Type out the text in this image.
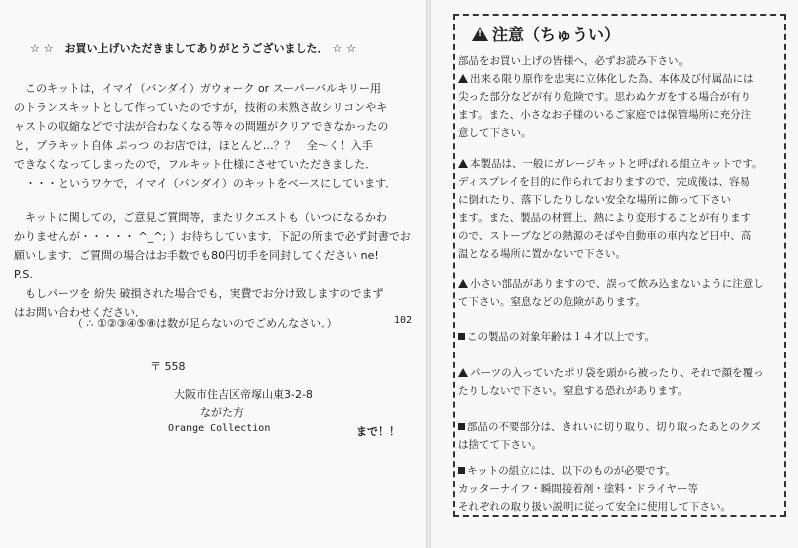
☆ ☆　お買い上げいただきましてありがとうございました． ☆ ☆
　このキットは，イマイ（バンダイ）ガウォーク or スーパーバルキリー用
のトランスキットとして作っていたのですが，技術の未熟さ故シリコンやキ
ャストの収縮などで寸法が合わなくなる等々の問題がクリアできなかったの
と，プラキット自体 ぷっつ のお店では，ほとんど…？？　全～く！入手
できなくなってしまったので，フルキット仕様にさせていただきました．
　・・・というワケで，イマイ（バンダイ）のキットをベースにしています．
　キットに関しての，ご意見ご質問等，またリクエストも（いつになるかわ
かりませんが・・・・・ ^_^; ）お待ちしています．下記の所まで必ず封書でお
願いします．ご質問の場合はお手数でも80円切手を同封してください ne!
P.S.
　もしパーツを 紛失 破損された場合でも，実費でお分け致しますのでまず
はお問い合わせください．
（ ∴ ①②③④⑤⑧は数が足らないのでごめんなさい．）	102
〒 558
大阪市住吉区帝塚山東3-2-8
ながた方
Orange Collection	まで！！
!注意（ちゅうい）
部品をお買い上げの皆様へ，必ずお読み下さい。
出来る限り原作を忠実に立体化した為、本体及び付属品には
尖った部分などが有り危険です。思わぬケガをする場合が有り
ます。また、小さなお子様のいるご家庭では保管場所に充分注
意して下さい。
本製品は、一般にガレージキットと呼ばれる組立キットです。
ディスプレイを目的に作られておりますので、完成後は、容易
に倒れたり、落下したりしない安全な場所に飾って下さい
ます。また、製品の材質上、熱により変形することが有ります
ので、ストーブなどの熱源のそばや自動車の車内など日中、高
温となる場所に置かないで下さい。
小さい部品がありますので、誤って飲み込まないように注意し
て下さい。窒息などの危険があります。
この製品の対象年齢は１４才以上です。
パーツの入っていたポリ袋を頭から被ったり、それで顔を覆っ
たりしないで下さい。窒息する恐れがあります。
部品の不要部分は、きれいに切り取り、切り取ったあとのクズ
は捨てて下さい。
キットの組立には、以下のものが必要です。
カッターナイフ・瞬間接着剤・塗料・ドライヤー等
それぞれの取り扱い説明に従って安全に使用して下さい。
